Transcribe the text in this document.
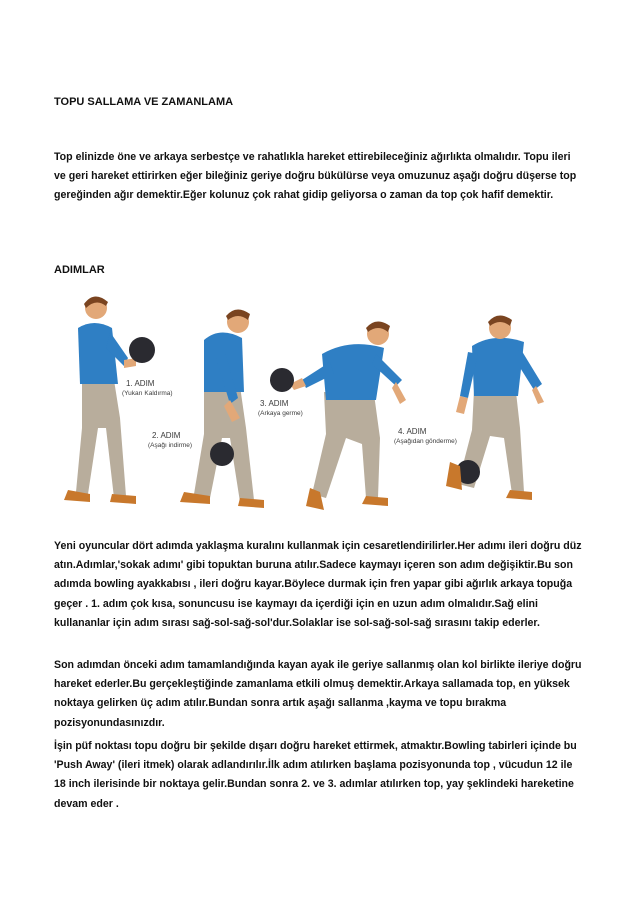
TOPU SALLAMA VE ZAMANLAMA

Top elinizde öne ve arkaya serbestçe ve rahatlıkla hareket ettirebileceğiniz ağırlıkta olmalıdır. Topu ileri ve geri hareket ettirirken eğer bileğiniz geriye doğru bükülürse veya omuzunuz aşağı doğru düşerse top gereğinden ağır demektir.Eğer kolunuz çok rahat gidip geliyorsa o zaman da top çok hafif demektir.

ADIMLAR
1. ADIM
(Yukarı Kaldırma)
2. ADIM
(Aşağı indirme)
3. ADIM
(Arkaya germe)
4. ADIM
(Aşağıdan gönderme)

Yeni oyuncular dört adımda yaklaşma kuralını kullanmak için cesaretlendirilirler.Her adımı ileri doğru düz atın.Adımlar,'sokak adımı' gibi topuktan buruna atılır.Sadece kaymayı içeren son adım değişiktir.Bu son adımda bowling ayakkabısı , ileri doğru kayar.Böylece durmak için fren yapar gibi ağırlık arkaya topuğa geçer . 1. adım çok kısa, sonuncusu ise kaymayı da içerdiği için en uzun adım olmalıdır.Sağ elini kullananlar için adım sırası sağ-sol-sağ-sol'dur.Solaklar ise sol-sağ-sol-sağ sırasını takip ederler.

Son adımdan önceki adım tamamlandığında kayan ayak ile geriye sallanmış olan kol birlikte ileriye doğru hareket ederler.Bu gerçekleştiğinde zamanlama etkili olmuş demektir.Arkaya sallamada top, en yüksek noktaya gelirken üç adım atılır.Bundan sonra artık aşağı sallanma ,kayma ve topu bırakma pozisyonundasınızdır.

İşin püf noktası topu doğru bir şekilde dışarı doğru hareket ettirmek, atmaktır.Bowling tabirleri içinde bu 'Push Away' (ileri itmek) olarak adlandırılır.İlk adım atılırken başlama pozisyonunda top , vücudun 12 ile 18 inch ilerisinde bir noktaya gelir.Bundan sonra 2. ve 3. adımlar atılırken top, yay şeklindeki hareketine devam eder .
